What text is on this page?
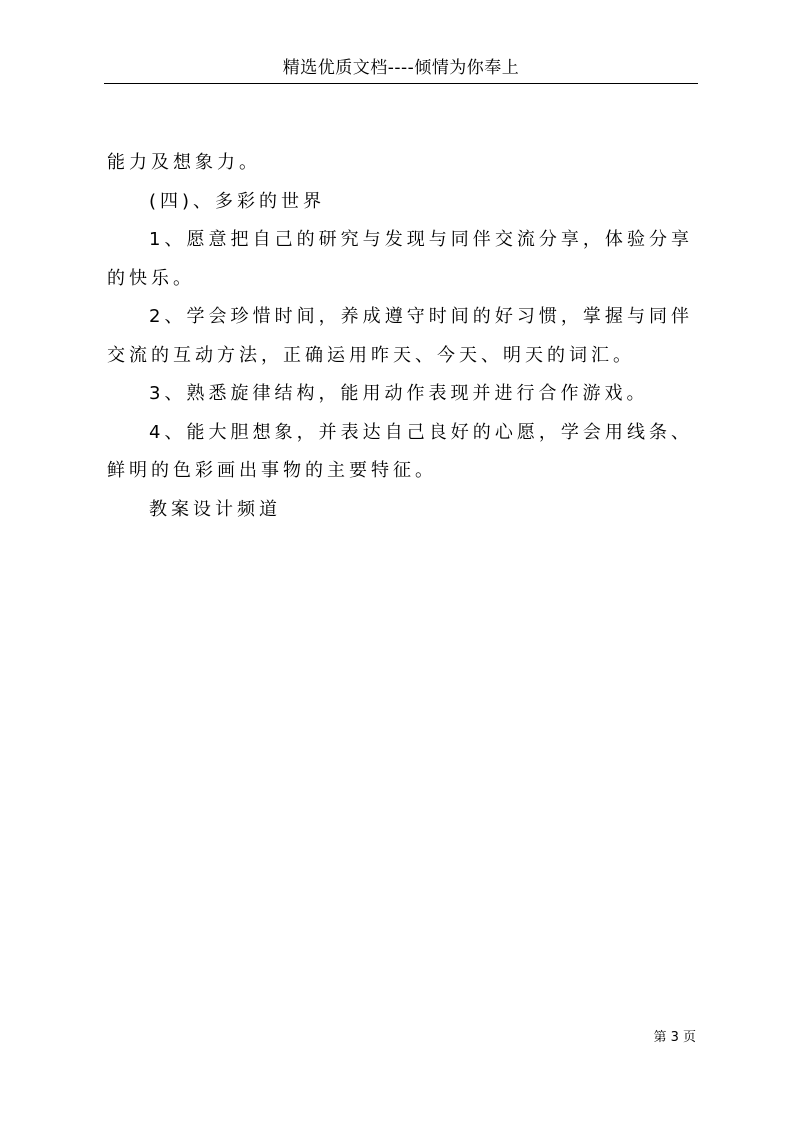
精选优质文档----倾情为你奉上

能力及想象力。

(四)、多彩的世界

1、愿意把自己的研究与发现与同伴交流分享，体验分享的快乐。

2、学会珍惜时间，养成遵守时间的好习惯，掌握与同伴交流的互动方法，正确运用昨天、今天、明天的词汇。

3、熟悉旋律结构，能用动作表现并进行合作游戏。

4、能大胆想象，并表达自己良好的心愿，学会用线条、鲜明的色彩画出事物的主要特征。

教案设计频道

第 3 页
